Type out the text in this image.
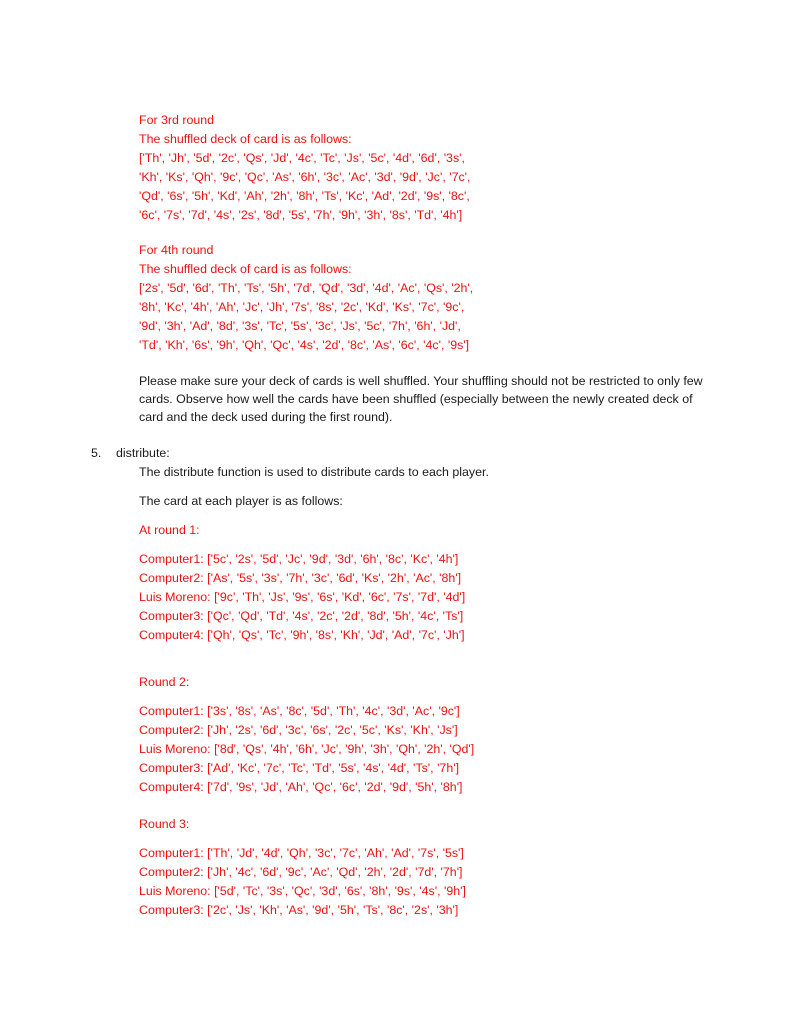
For 3rd round
The shuffled deck of card is as follows:
['Th', 'Jh', '5d', '2c', 'Qs', 'Jd', '4c', 'Tc', 'Js', '5c', '4d', '6d', '3s',
'Kh', 'Ks', 'Qh', '9c', 'Qc', 'As', '6h', '3c', 'Ac', '3d', '9d', 'Jc', '7c',
'Qd', '6s', '5h', 'Kd', 'Ah', '2h', '8h', 'Ts', 'Kc', 'Ad', '2d', '9s', '8c',
'6c', '7s', '7d', '4s', '2s', '8d', '5s', '7h', '9h', '3h', '8s', 'Td', '4h']
For 4th round
The shuffled deck of card is as follows:
['2s', '5d', '6d', 'Th', 'Ts', '5h', '7d', 'Qd', '3d', '4d', 'Ac', 'Qs', '2h',
'8h', 'Kc', '4h', 'Ah', 'Jc', 'Jh', '7s', '8s', '2c', 'Kd', 'Ks', '7c', '9c',
'9d', '3h', 'Ad', '8d', '3s', 'Tc', '5s', '3c', 'Js', '5c', '7h', '6h', 'Jd',
'Td', 'Kh', '6s', '9h', 'Qh', 'Qc', '4s', '2d', '8c', 'As', '6c', '4c', '9s']
Please make sure your deck of cards is well shuffled. Your shuffling should not be restricted to only few cards. Observe how well the cards have been shuffled (especially between the newly created deck of card and the deck used during the first round).
5. distribute:
The distribute function is used to distribute cards to each player.
The card at each player is as follows:
At round 1:
Computer1: ['5c', '2s', '5d', 'Jc', '9d', '3d', '6h', '8c', 'Kc', '4h']
Computer2: ['As', '5s', '3s', '7h', '3c', '6d', 'Ks', '2h', 'Ac', '8h']
Luis Moreno: ['9c', 'Th', 'Js', '9s', '6s', 'Kd', '6c', '7s', '7d', '4d']
Computer3: ['Qc', 'Qd', 'Td', '4s', '2c', '2d', '8d', '5h', '4c', 'Ts']
Computer4: ['Qh', 'Qs', 'Tc', '9h', '8s', 'Kh', 'Jd', 'Ad', '7c', 'Jh']
Round 2:
Computer1: ['3s', '8s', 'As', '8c', '5d', 'Th', '4c', '3d', 'Ac', '9c']
Computer2: ['Jh', '2s', '6d', '3c', '6s', '2c', '5c', 'Ks', 'Kh', 'Js']
Luis Moreno: ['8d', 'Qs', '4h', '6h', 'Jc', '9h', '3h', 'Qh', '2h', 'Qd']
Computer3: ['Ad', 'Kc', '7c', 'Tc', 'Td', '5s', '4s', '4d', 'Ts', '7h']
Computer4: ['7d', '9s', 'Jd', 'Ah', 'Qc', '6c', '2d', '9d', '5h', '8h']
Round 3:
Computer1: ['Th', 'Jd', '4d', 'Qh', '3c', '7c', 'Ah', 'Ad', '7s', '5s']
Computer2: ['Jh', '4c', '6d', '9c', 'Ac', 'Qd', '2h', '2d', '7d', '7h']
Luis Moreno: ['5d', 'Tc', '3s', 'Qc', '3d', '6s', '8h', '9s', '4s', '9h']
Computer3: ['2c', 'Js', 'Kh', 'As', '9d', '5h', 'Ts', '8c', '2s', '3h']
